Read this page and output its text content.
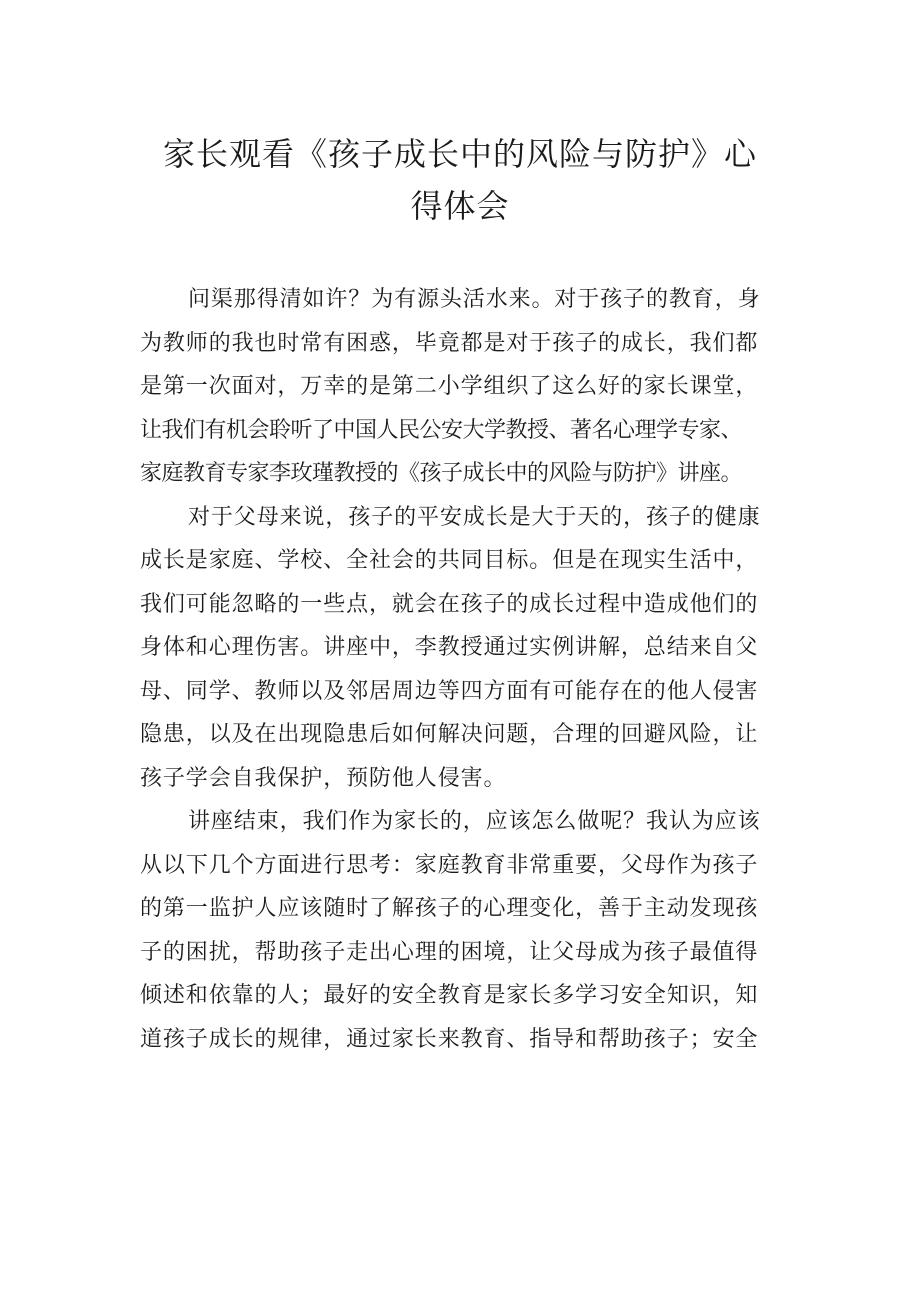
家长观看《孩子成长中的风险与防护》心
得体会
问渠那得清如许？为有源头活水来。对于孩子的教育，身
为教师的我也时常有困惑，毕竟都是对于孩子的成长，我们都
是第一次面对，万幸的是第二小学组织了这么好的家长课堂，
让我们有机会聆听了中国人民公安大学教授、著名心理学专家、
家庭教育专家李玫瑾教授的《孩子成长中的风险与防护》讲座。
对于父母来说，孩子的平安成长是大于天的，孩子的健康
成长是家庭、学校、全社会的共同目标。但是在现实生活中，
我们可能忽略的一些点，就会在孩子的成长过程中造成他们的
身体和心理伤害。讲座中，李教授通过实例讲解，总结来自父
母、同学、教师以及邻居周边等四方面有可能存在的他人侵害
隐患，以及在出现隐患后如何解决问题，合理的回避风险，让
孩子学会自我保护，预防他人侵害。
讲座结束，我们作为家长的，应该怎么做呢？我认为应该
从以下几个方面进行思考：家庭教育非常重要，父母作为孩子
的第一监护人应该随时了解孩子的心理变化，善于主动发现孩
子的困扰，帮助孩子走出心理的困境，让父母成为孩子最值得
倾述和依靠的人；最好的安全教育是家长多学习安全知识，知
道孩子成长的规律，通过家长来教育、指导和帮助孩子；安全
